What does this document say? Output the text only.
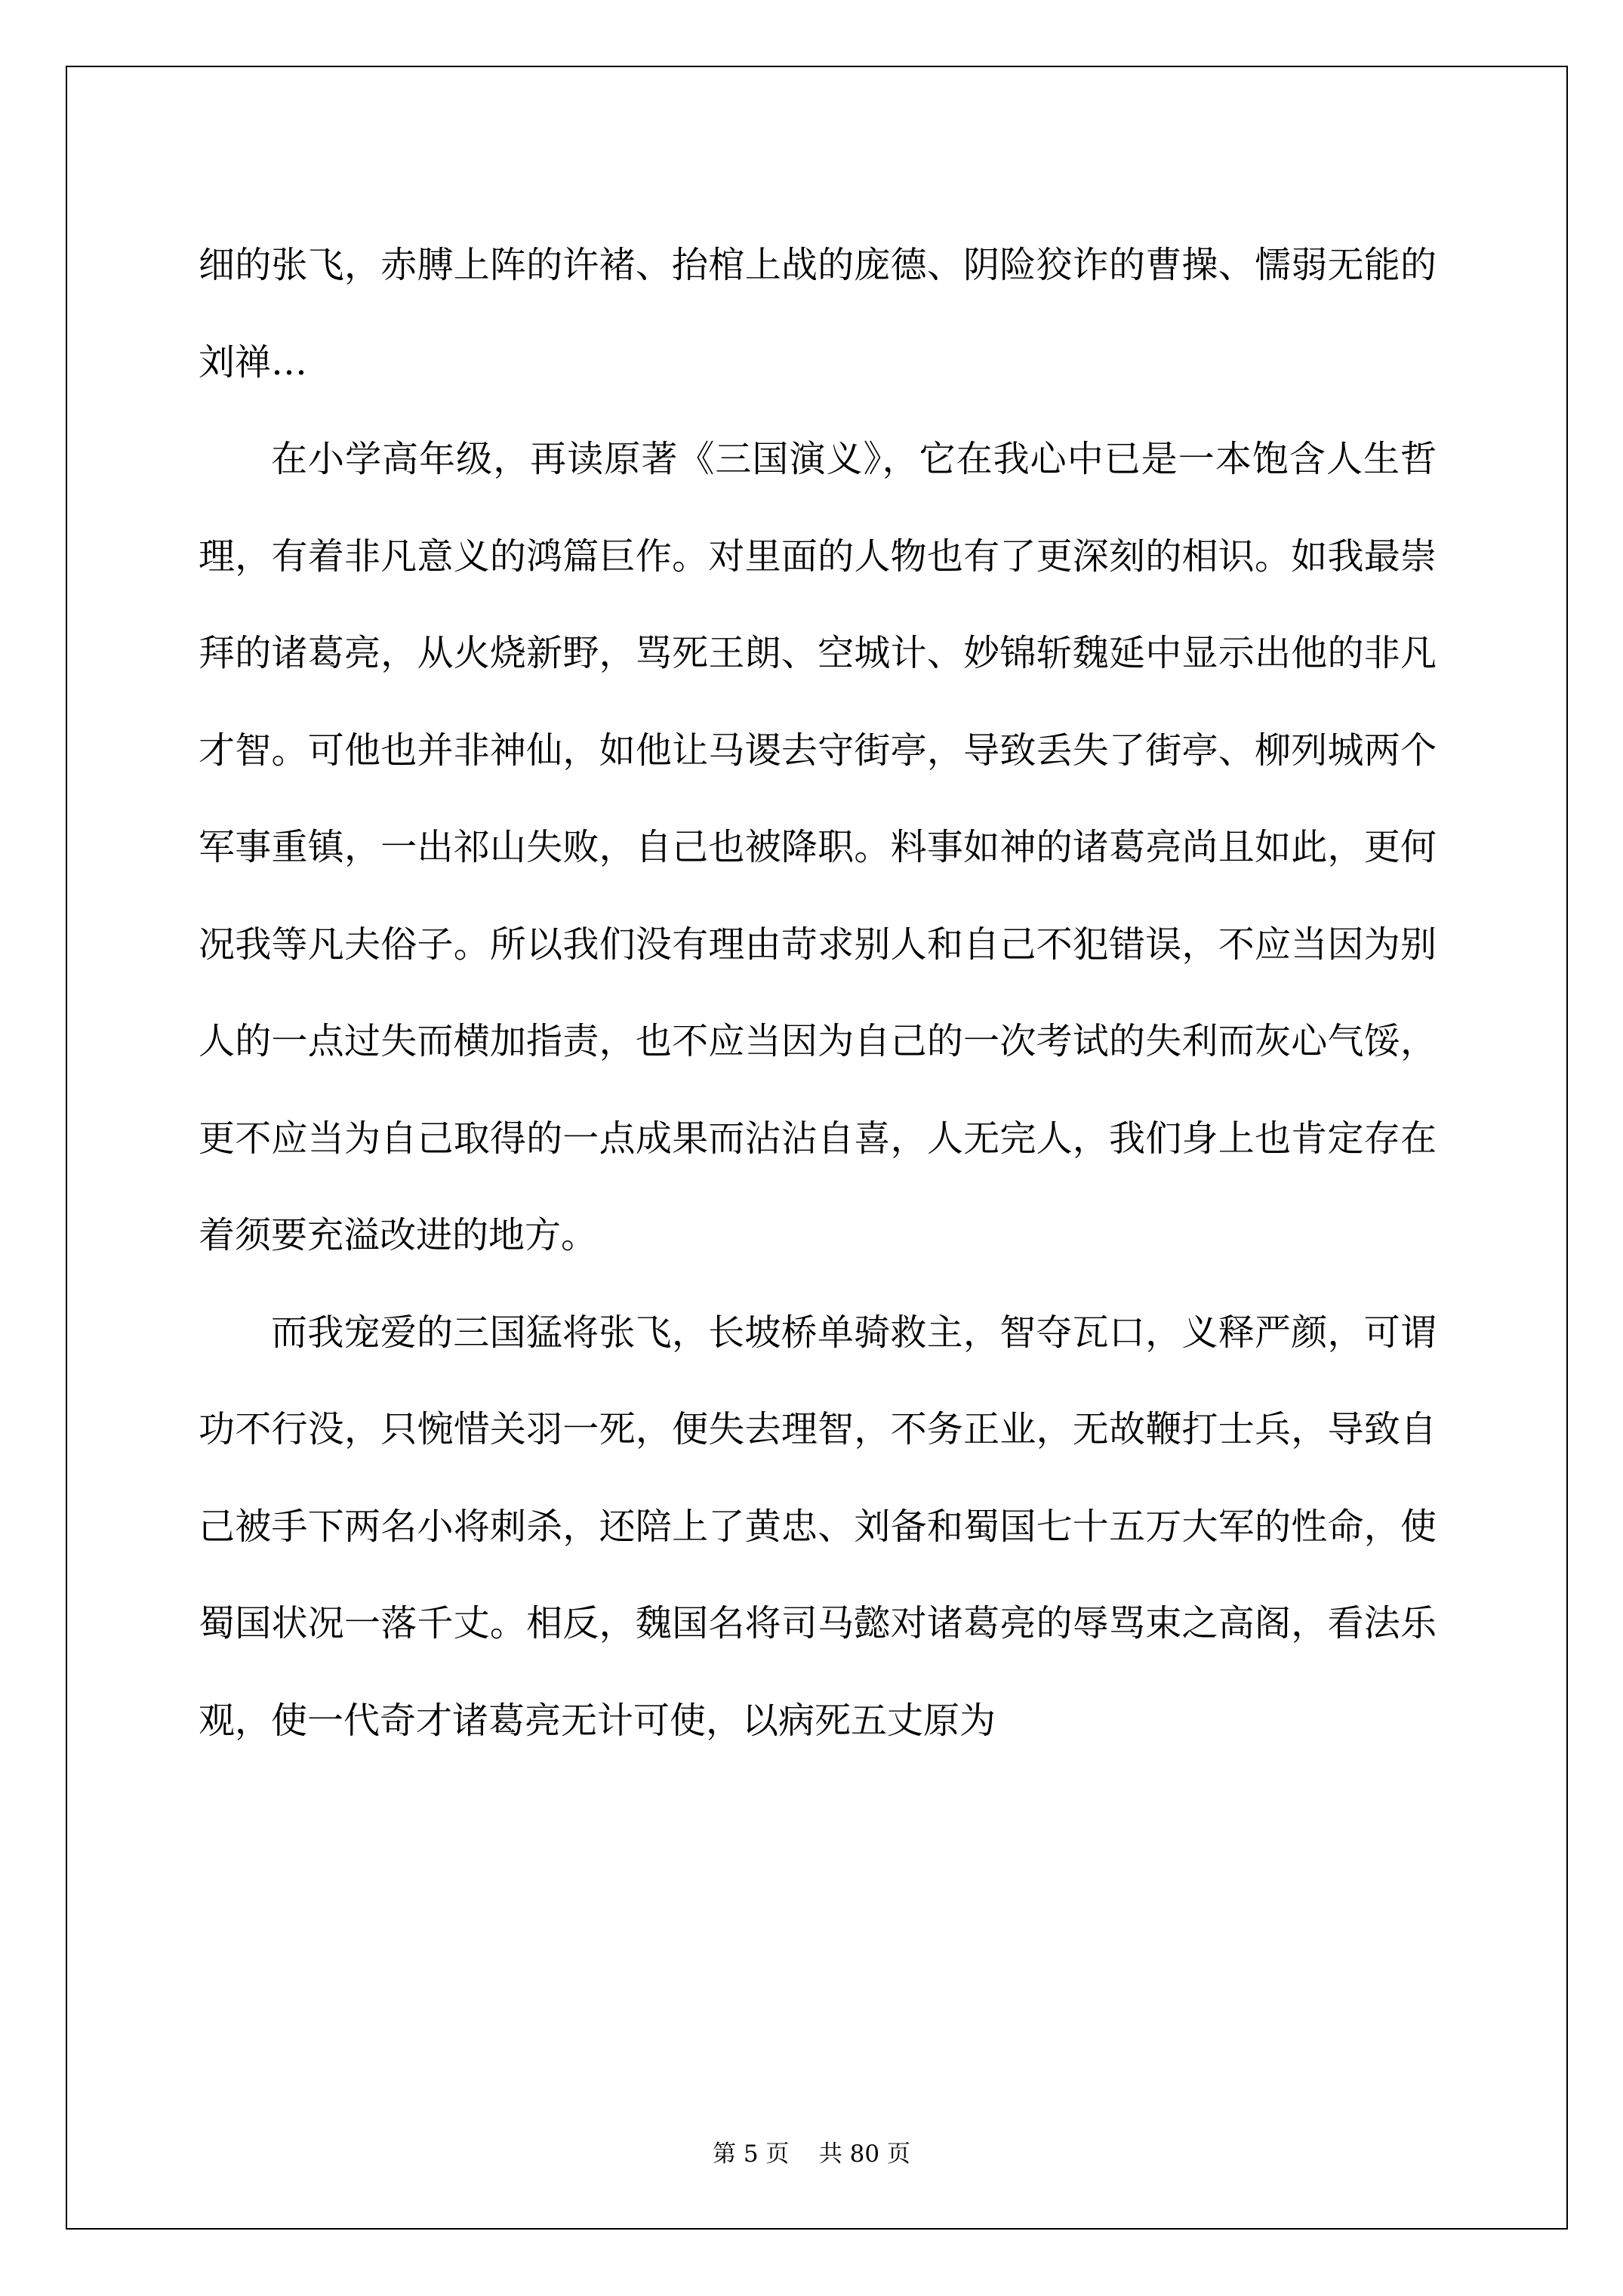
细的张飞，赤膊上阵的许褚、抬棺上战的庞德、阴险狡诈的曹操、懦弱无能的刘禅…

在小学高年级，再读原著《三国演义》，它在我心中已是一本饱含人生哲理，有着非凡意义的鸿篇巨作。对里面的人物也有了更深刻的相识。如我最崇拜的诸葛亮，从火烧新野，骂死王朗、空城计、妙锦斩魏延中显示出他的非凡才智。可他也并非神仙，如他让马谡去守街亭，导致丢失了街亭、柳列城两个军事重镇，一出祁山失败，自己也被降职。料事如神的诸葛亮尚且如此，更何况我等凡夫俗子。所以我们没有理由苛求别人和自己不犯错误，不应当因为别人的一点过失而横加指责，也不应当因为自己的一次考试的失利而灰心气馁，更不应当为自己取得的一点成果而沾沾自喜，人无完人，我们身上也肯定存在着须要充溢改进的地方。

而我宠爱的三国猛将张飞，长坡桥单骑救主，智夺瓦口，义释严颜，可谓功不行没，只惋惜关羽一死，便失去理智，不务正业，无故鞭打士兵，导致自己被手下两名小将刺杀，还陪上了黄忠、刘备和蜀国七十五万大军的性命，使蜀国状况一落千丈。相反，魏国名将司马懿对诸葛亮的辱骂束之高阁，看法乐观，使一代奇才诸葛亮无计可使，以病死五丈原为

第 5 页    共 80 页
